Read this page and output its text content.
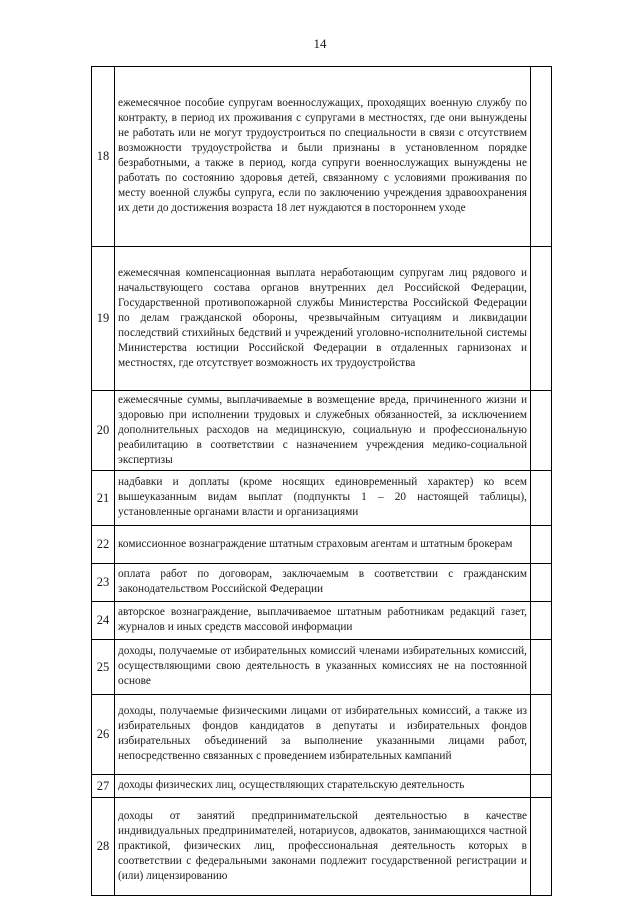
14
18	ежемесячное пособие супругам военнослужащих, проходящих военную службу по контракту, в период их проживания с супругами в местностях, где они вынуждены не работать или не могут трудоустроиться по специальности в связи с отсутствием возможности трудоустройства и были признаны в установленном порядке безработными, а также в период, когда супруги военнослужащих вынуждены не работать по состоянию здоровья детей, связанному с условиями проживания по месту военной службы супруга, если по заключению учреждения здравоохранения их дети до достижения возраста 18 лет нуждаются в постороннем уходе	
19	ежемесячная компенсационная выплата неработающим супругам лиц рядового и начальствующего состава органов внутренних дел Российской Федерации, Государственной противопожарной службы Министерства Российской Федерации по делам гражданской обороны, чрезвычайным ситуациям и ликвидации последствий стихийных бедствий и учреждений уголовно-исполнительной системы Министерства юстиции Российской Федерации в отдаленных гарнизонах и местностях, где отсутствует возможность их трудоустройства	
20	ежемесячные суммы, выплачиваемые в возмещение вреда, причиненного жизни и здоровью при исполнении трудовых и служебных обязанностей, за исключением дополнительных расходов на медицинскую, социальную и профессиональную реабилитацию в соответствии с назначением учреждения медико-социальной экспертизы	
21	надбавки и доплаты (кроме носящих единовременный характер) ко всем вышеуказанным видам выплат (подпункты 1 – 20 настоящей таблицы), установленные органами власти и организациями	
22	комиссионное вознаграждение штатным страховым агентам и штатным брокерам	
23	оплата работ по договорам, заключаемым в соответствии с гражданским законодательством Российской Федерации	
24	авторское вознаграждение, выплачиваемое штатным работникам редакций газет, журналов и иных средств массовой информации	
25	доходы, получаемые от избирательных комиссий членами избирательных комиссий, осуществляющими свою деятельность в указанных комиссиях не на постоянной основе	
26	доходы, получаемые физическими лицами от избирательных комиссий, а также из избирательных фондов кандидатов в депутаты и избирательных фондов избирательных объединений за выполнение указанными лицами работ, непосредственно связанных с проведением избирательных кампаний	
27	доходы физических лиц, осуществляющих старательскую деятельность	
28	доходы от занятий предпринимательской деятельностью в качестве индивидуальных предпринимателей, нотариусов, адвокатов, занимающихся частной практикой, физических лиц, профессиональная деятельность которых в соответствии с федеральными законами подлежит государственной регистрации и (или) лицензированию	
